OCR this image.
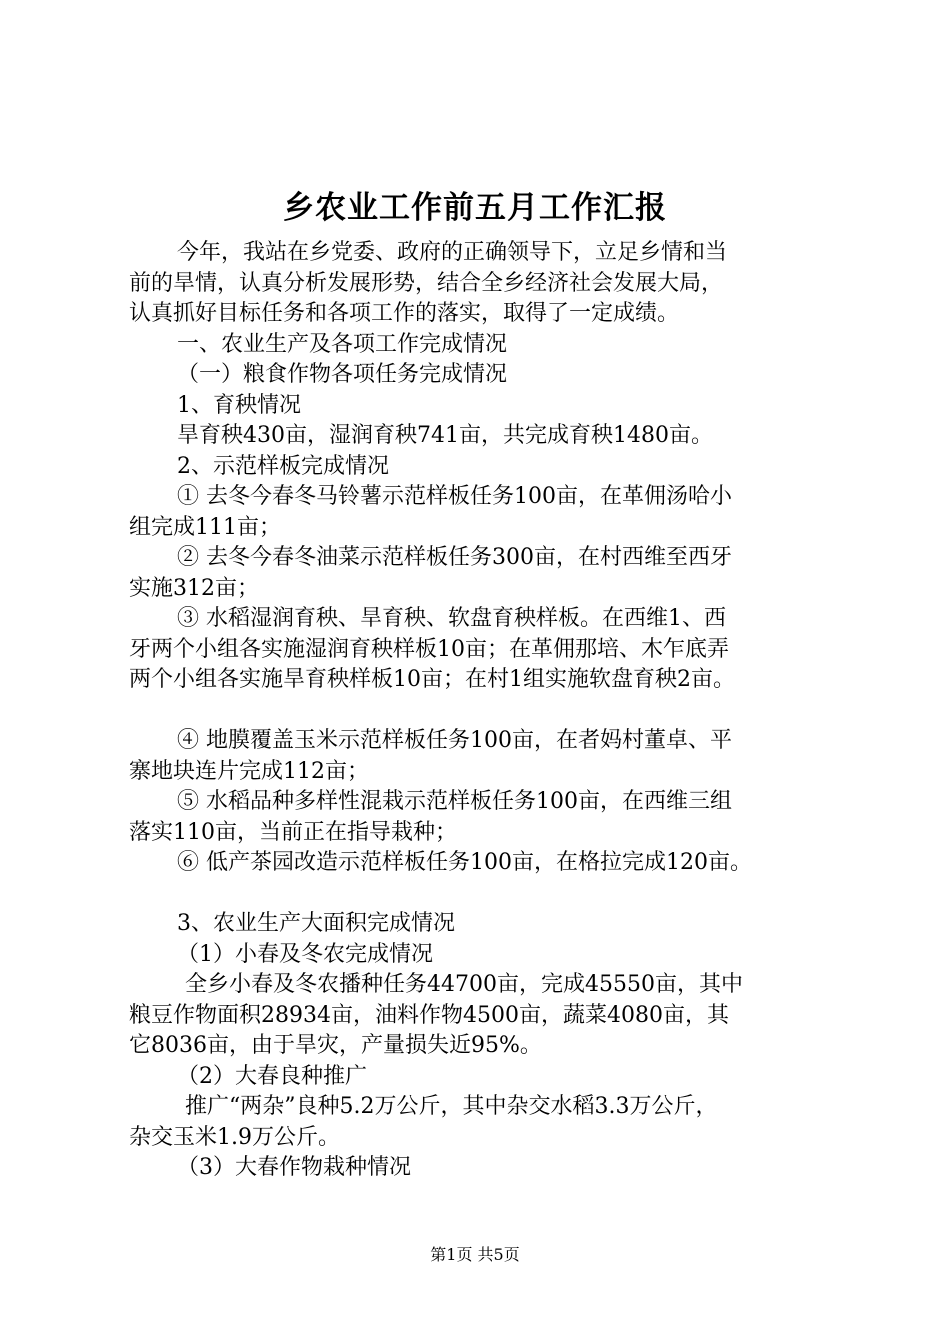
乡农业工作前五月工作汇报

今年，我站在乡党委、政府的正确领导下，立足乡情和当

前的旱情，认真分析发展形势，结合全乡经济社会发展大局，

认真抓好目标任务和各项工作的落实，取得了一定成绩。

一、农业生产及各项工作完成情况

（一）粮食作物各项任务完成情况

1、育秧情况

旱育秧430亩，湿润育秧741亩，共完成育秧1480亩。

2、示范样板完成情况

① 去冬今春冬马铃薯示范样板任务100亩，在革佣汤哈小

组完成111亩；

② 去冬今春冬油菜示范样板任务300亩，在村西维至西牙

实施312亩；

③ 水稻湿润育秧、旱育秧、软盘育秧样板。在西维1、西

牙两个小组各实施湿润育秧样板10亩；在革佣那培、木乍底弄

两个小组各实施旱育秧样板10亩；在村1组实施软盘育秧2亩。

④ 地膜覆盖玉米示范样板任务100亩，在者妈村董卓、平

寨地块连片完成112亩；

⑤ 水稻品种多样性混栽示范样板任务100亩，在西维三组

落实110亩，当前正在指导栽种；

⑥ 低产茶园改造示范样板任务100亩，在格拉完成120亩。

3、农业生产大面积完成情况

（1）小春及冬农完成情况

全乡小春及冬农播种任务44700亩，完成45550亩，其中

粮豆作物面积28934亩，油料作物4500亩，蔬菜4080亩，其

它8036亩，由于旱灾，产量损失近95%。

（2）大春良种推广

推广“两杂”良种5.2万公斤，其中杂交水稻3.3万公斤，

杂交玉米1.9万公斤。

（3）大春作物栽种情况

第1页 共5页
